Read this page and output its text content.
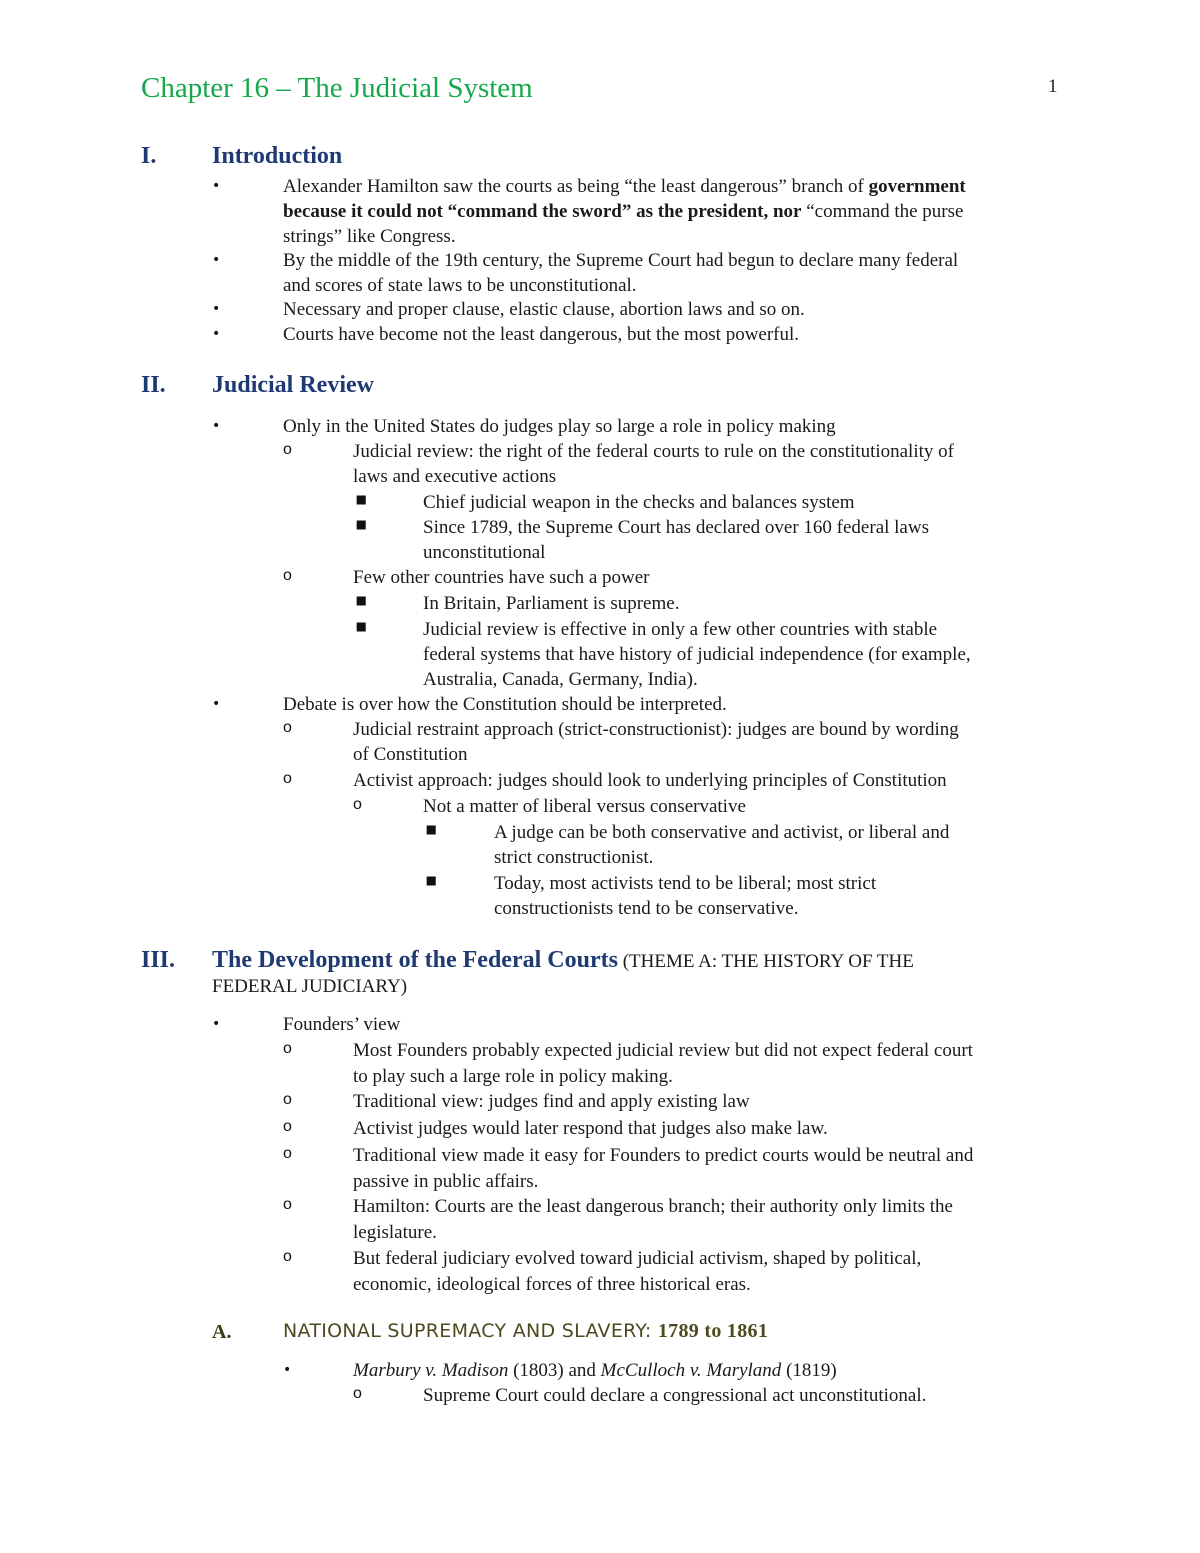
Chapter 16 – The Judicial System	1
I. Introduction
•	Alexander Hamilton saw the courts as being “the least dangerous” branch of government
because it could not “command the sword” as the president, nor “command the purse
strings” like Congress.
•	By the middle of the 19th century, the Supreme Court had begun to declare many federal
and scores of state laws to be unconstitutional.
•	Necessary and proper clause, elastic clause, abortion laws and so on.
•	Courts have become not the least dangerous, but the most powerful.
II. Judicial Review
•	Only in the United States do judges play so large a role in policy making
o	Judicial review: the right of the federal courts to rule on the constitutionality of
laws and executive actions
⯀	Chief judicial weapon in the checks and balances system
⯀	Since 1789, the Supreme Court has declared over 160 federal laws
unconstitutional
o	Few other countries have such a power
⯀	In Britain, Parliament is supreme.
⯀	Judicial review is effective in only a few other countries with stable
federal systems that have history of judicial independence (for example,
Australia, Canada, Germany, India).
•	Debate is over how the Constitution should be interpreted.
o	Judicial restraint approach (strict-constructionist): judges are bound by wording
of Constitution
o	Activist approach: judges should look to underlying principles of Constitution
o	Not a matter of liberal versus conservative
⯀	A judge can be both conservative and activist, or liberal and
strict constructionist.
⯀	Today, most activists tend to be liberal; most strict
constructionists tend to be conservative.
III. The Development of the Federal Courts (THEME A: THE HISTORY OF THE
FEDERAL JUDICIARY)
•	Founders’ view
o	Most Founders probably expected judicial review but did not expect federal court
to play such a large role in policy making.
o	Traditional view: judges find and apply existing law
o	Activist judges would later respond that judges also make law.
o	Traditional view made it easy for Founders to predict courts would be neutral and
passive in public affairs.
o	Hamilton: Courts are the least dangerous branch; their authority only limits the
legislature.
o	But federal judiciary evolved toward judicial activism, shaped by political,
economic, ideological forces of three historical eras.
A.	NATIONAL SUPREMACY AND SLAVERY: 1789 to 1861
•	Marbury v. Madison (1803) and McCulloch v. Maryland (1819)
o	Supreme Court could declare a congressional act unconstitutional.
